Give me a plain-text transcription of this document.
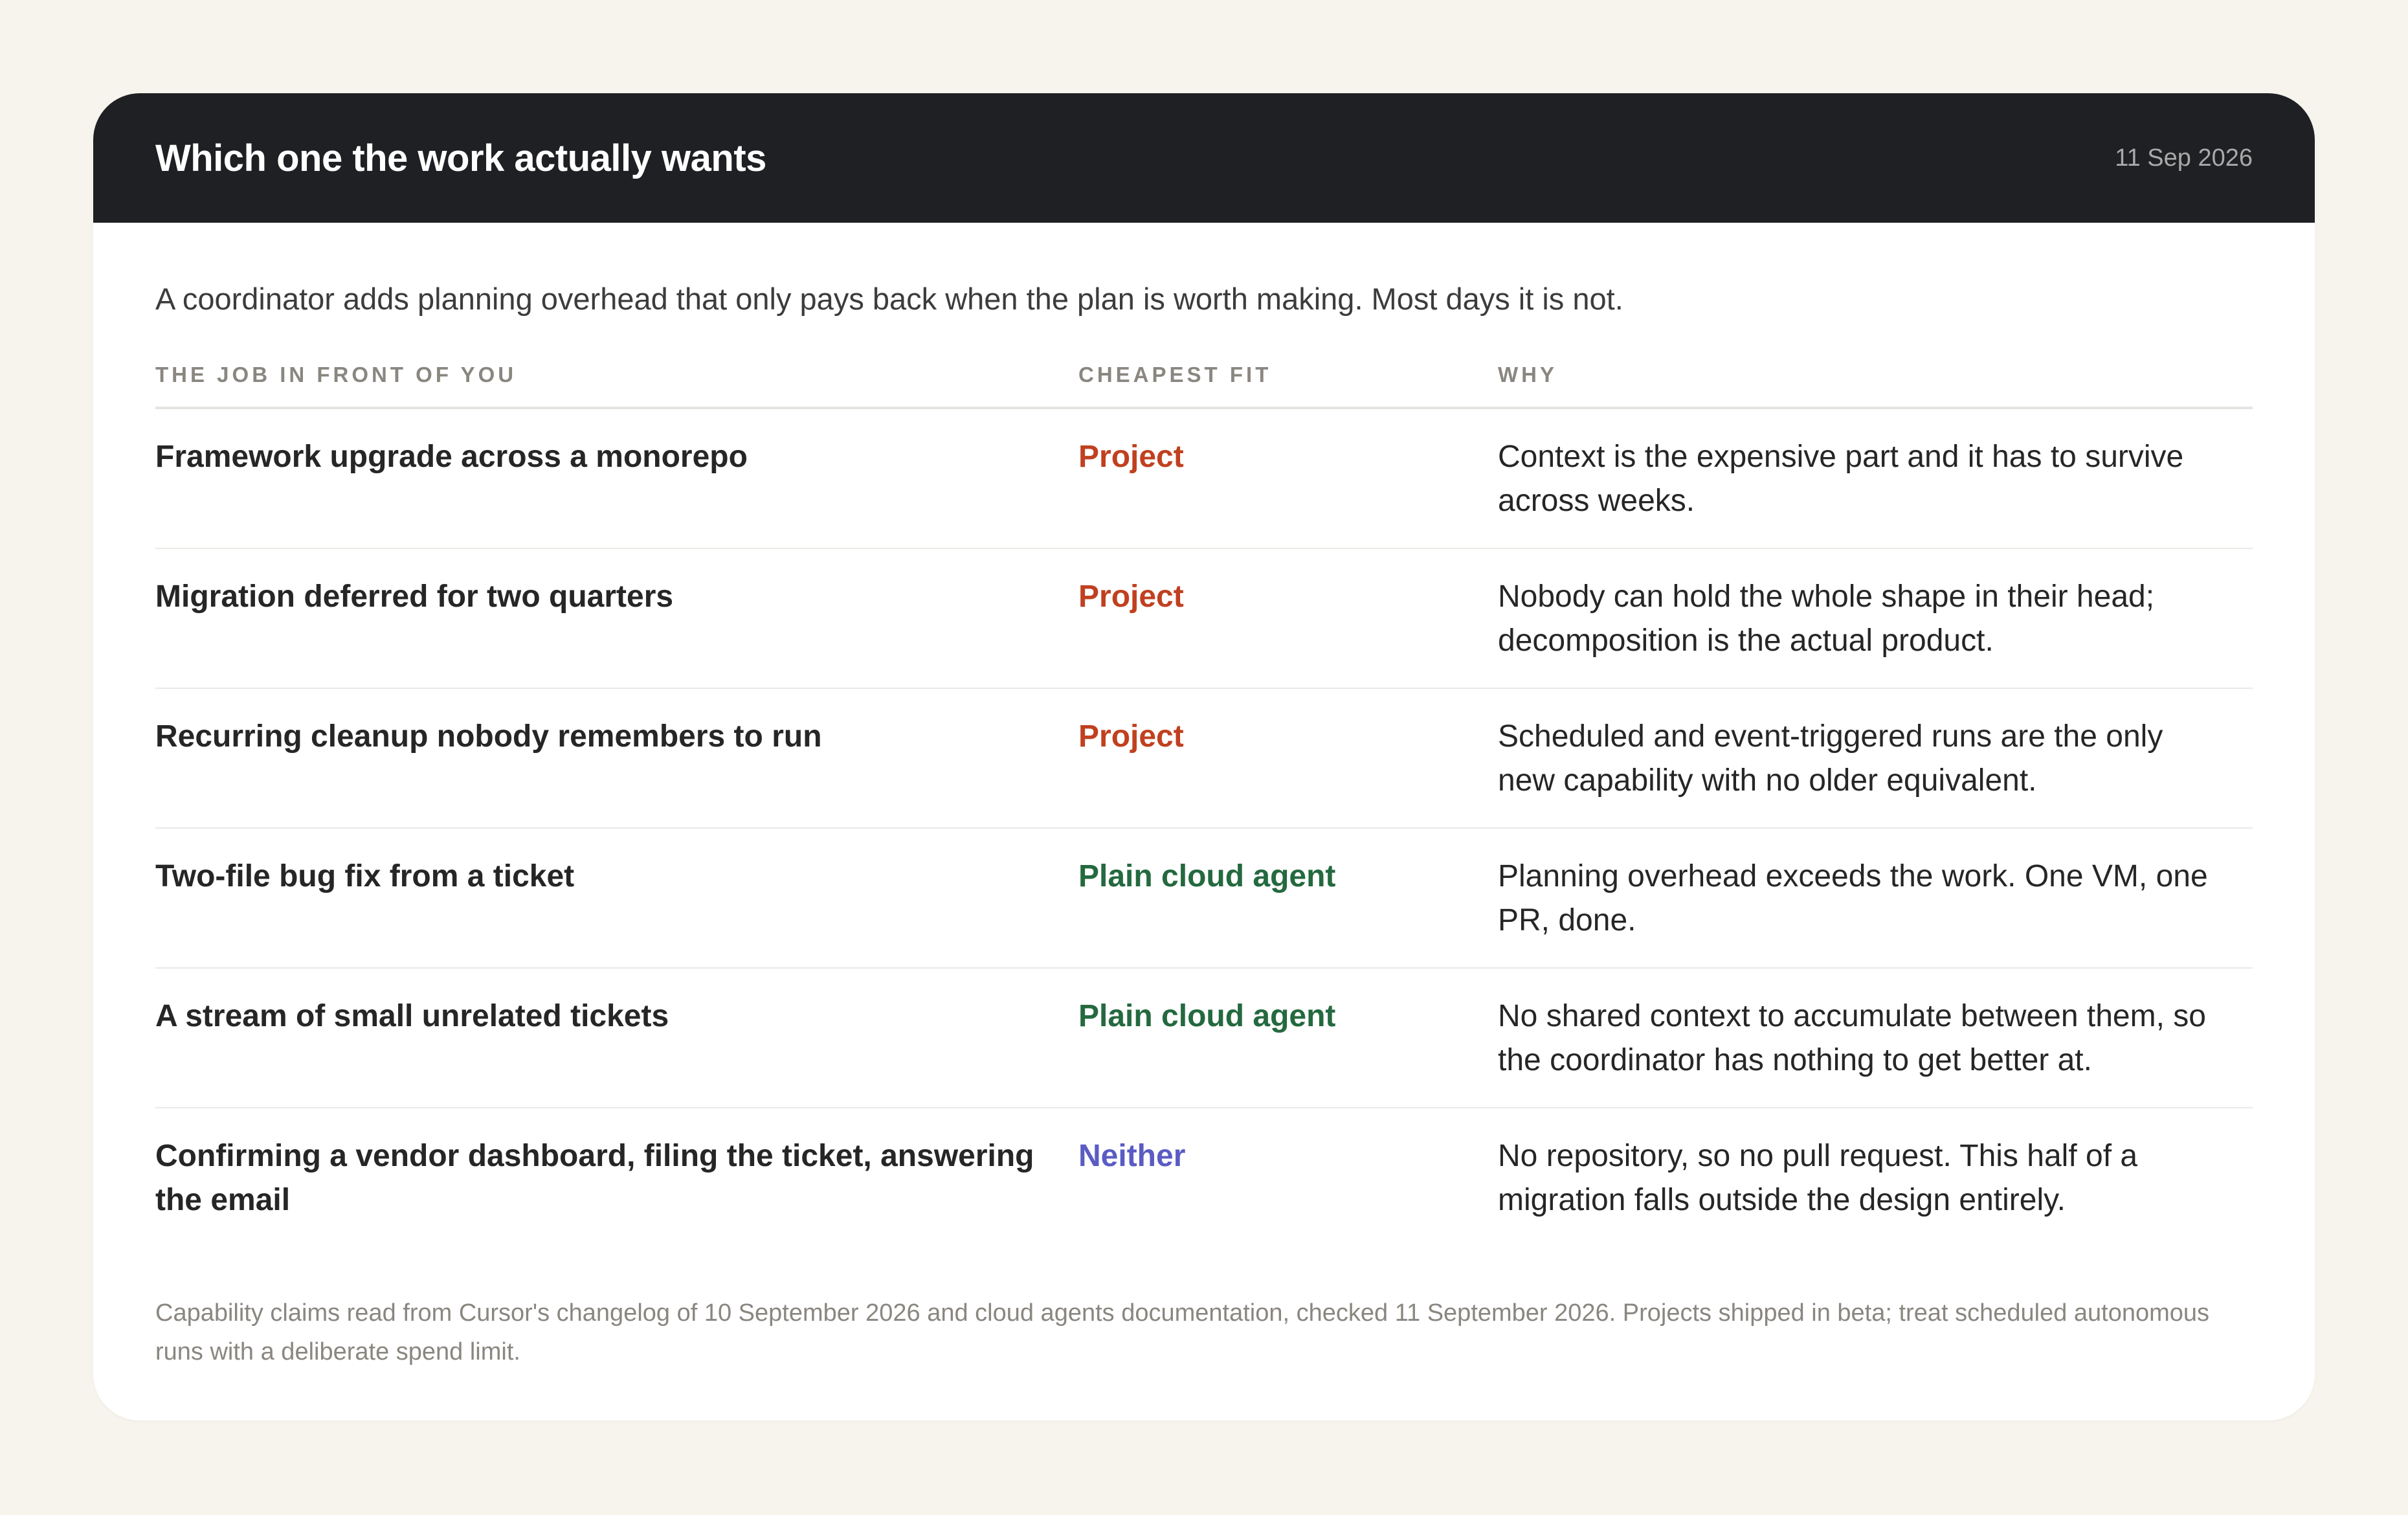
Which one the work actually wants	11 Sep 2026

A coordinator adds planning overhead that only pays back when the plan is worth making. Most days it is not.

THE JOB IN FRONT OF YOU	CHEAPEST FIT	WHY
Framework upgrade across a monorepo	Project	Context is the expensive part and it has to survive across weeks.
Migration deferred for two quarters	Project	Nobody can hold the whole shape in their head; decomposition is the actual product.
Recurring cleanup nobody remembers to run	Project	Scheduled and event-triggered runs are the only new capability with no older equivalent.
Two-file bug fix from a ticket	Plain cloud agent	Planning overhead exceeds the work. One VM, one PR, done.
A stream of small unrelated tickets	Plain cloud agent	No shared context to accumulate between them, so the coordinator has nothing to get better at.
Confirming a vendor dashboard, filing the ticket, answering the email	Neither	No repository, so no pull request. This half of a migration falls outside the design entirely.
Capability claims read from Cursor's changelog of 10 September 2026 and cloud agents documentation, checked 11 September 2026. Projects shipped in beta; treat scheduled autonomous runs with a deliberate spend limit.
